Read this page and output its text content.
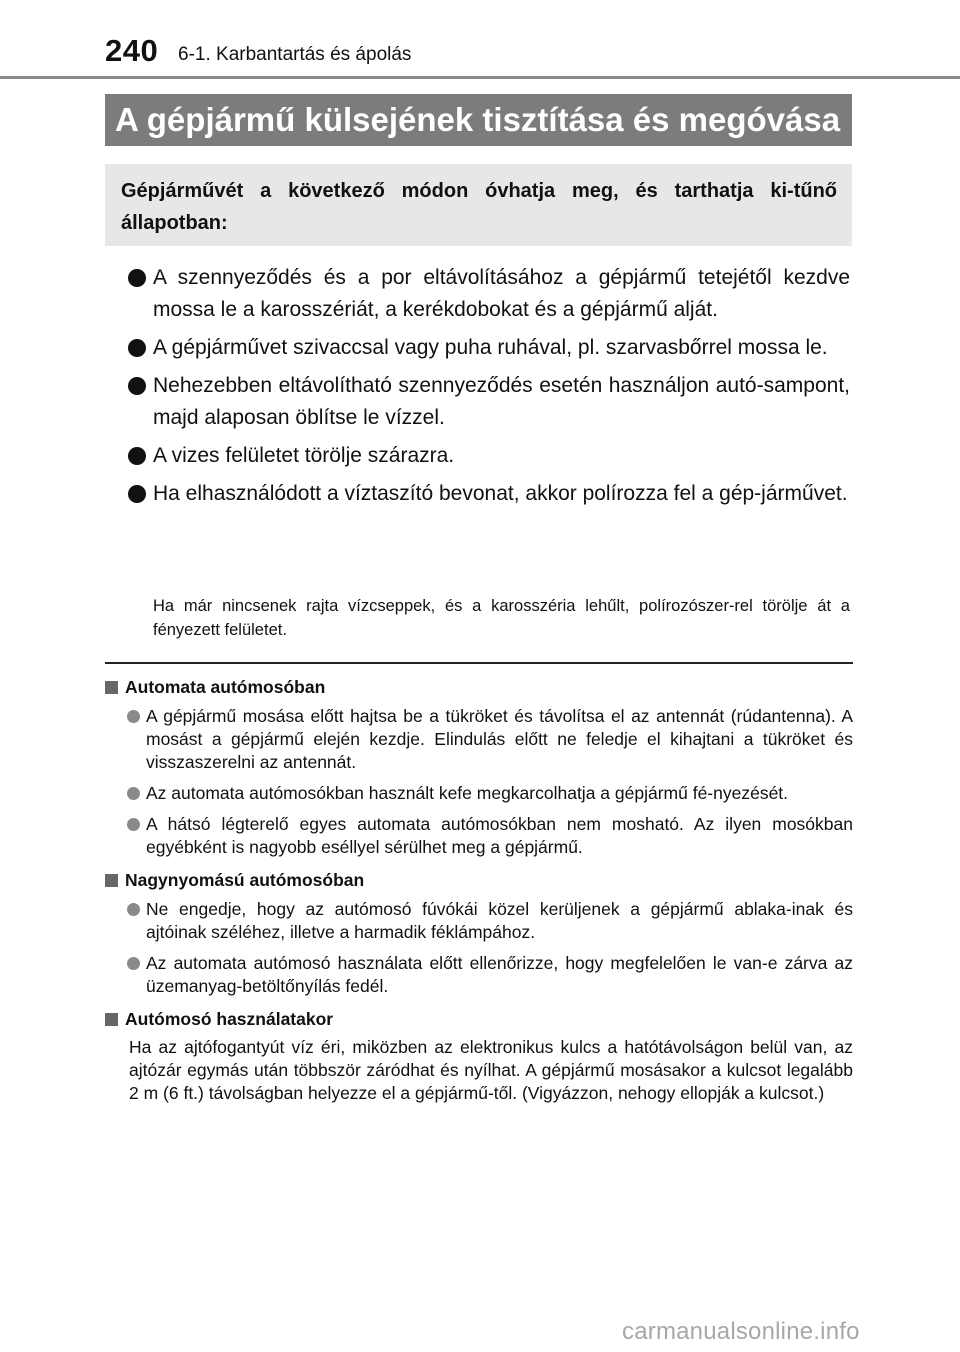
240 6-1. Karbantartás és ápolás
A gépjármű külsejének tisztítása és megóvása
Gépjárművét a következő módon óvhatja meg, és tarthatja ki-tűnő állapotban:
A szennyeződés és a por eltávolításához a gépjármű tetejétől kezdve mossa le a karosszériát, a kerékdobokat és a gépjármű alját.
A gépjárművet szivaccsal vagy puha ruhával, pl. szarvasbőrrel mossa le.
Nehezebben eltávolítható szennyeződés esetén használjon autó-sampont, majd alaposan öblítse le vízzel.
A vizes felületet törölje szárazra.
Ha elhasználódott a víztaszító bevonat, akkor polírozza fel a gép-járművet.
Ha már nincsenek rajta vízcseppek, és a karosszéria lehűlt, polírozószer-rel törölje át a fényezett felületet.
Automata autómosóban
A gépjármű mosása előtt hajtsa be a tükröket és távolítsa el az antennát (rúdantenna). A mosást a gépjármű elején kezdje. Elindulás előtt ne feledje el kihajtani a tükröket és visszaszerelni az antennát.
Az automata autómosókban használt kefe megkarcolhatja a gépjármű fé-nyezését.
A hátsó légterelő egyes automata autómosókban nem mosható. Az ilyen mosókban egyébként is nagyobb eséllyel sérülhet meg a gépjármű.
Nagynyomású autómosóban
Ne engedje, hogy az autómosó fúvókái közel kerüljenek a gépjármű ablaka-inak és ajtóinak széléhez, illetve a harmadik féklámpához.
Az automata autómosó használata előtt ellenőrizze, hogy megfelelően le van-e zárva az üzemanyag-betöltőnyílás fedél.
Autómosó használatakor
Ha az ajtófogantyút víz éri, miközben az elektronikus kulcs a hatótávolságon belül van, az ajtózár egymás után többször záródhat és nyílhat. A gépjármű mosásakor a kulcsot legalább 2 m (6 ft.) távolságban helyezze el a gépjármű-től. (Vigyázzon, nehogy ellopják a kulcsot.)
carmanualsonline.info
